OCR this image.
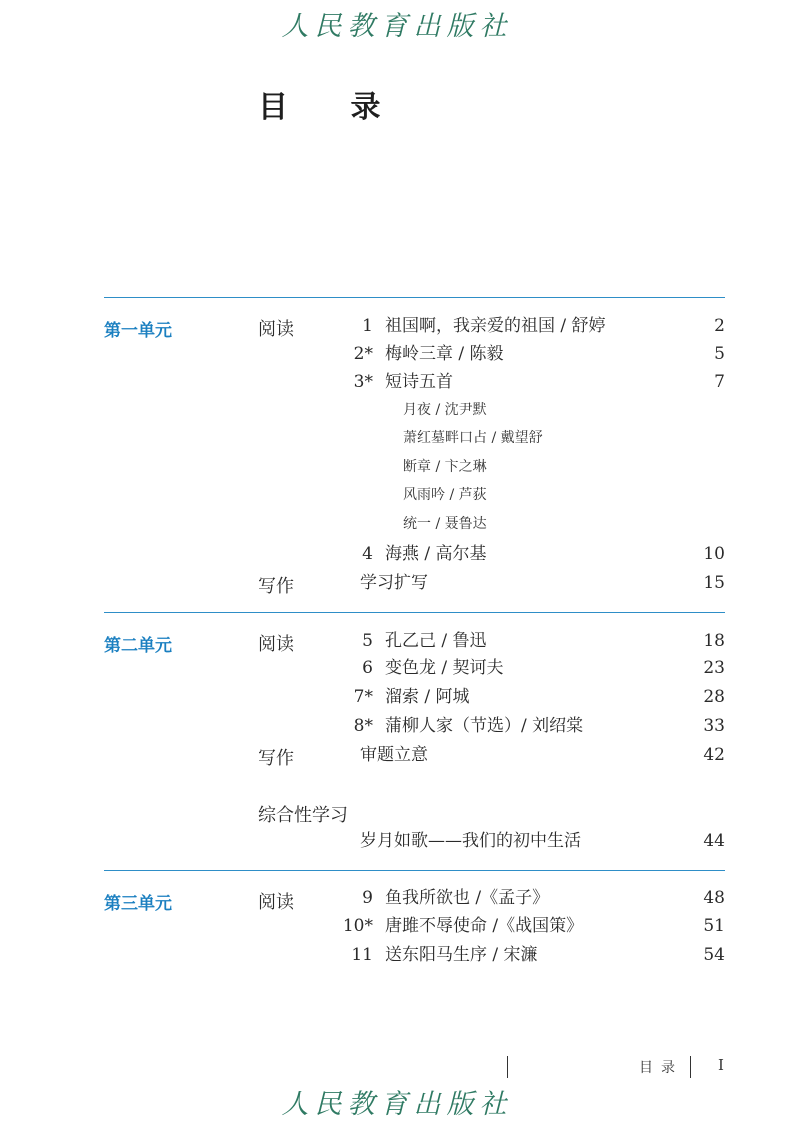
人民教育出版社
目 录
第一单元	阅读	1 祖国啊，我亲爱的祖国 / 舒婷	2
2* 梅岭三章 / 陈毅	5
3* 短诗五首	7
月夜 / 沈尹默
萧红墓畔口占 / 戴望舒
断章 / 卞之琳
风雨吟 / 芦荻
统一 / 聂鲁达
4 海燕 / 高尔基	10
写作	学习扩写	15
第二单元	阅读	5 孔乙己 / 鲁迅	18
6 变色龙 / 契诃夫	23
7* 溜索 / 阿城	28
8* 蒲柳人家（节选）/ 刘绍棠	33
写作	审题立意	42
综合性学习
岁月如歌——我们的初中生活	44
第三单元	阅读	9 鱼我所欲也 /《孟子》	48
10* 唐雎不辱使命 /《战国策》	51
11 送东阳马生序 / 宋濂	54
目录 I
人民教育出版社
